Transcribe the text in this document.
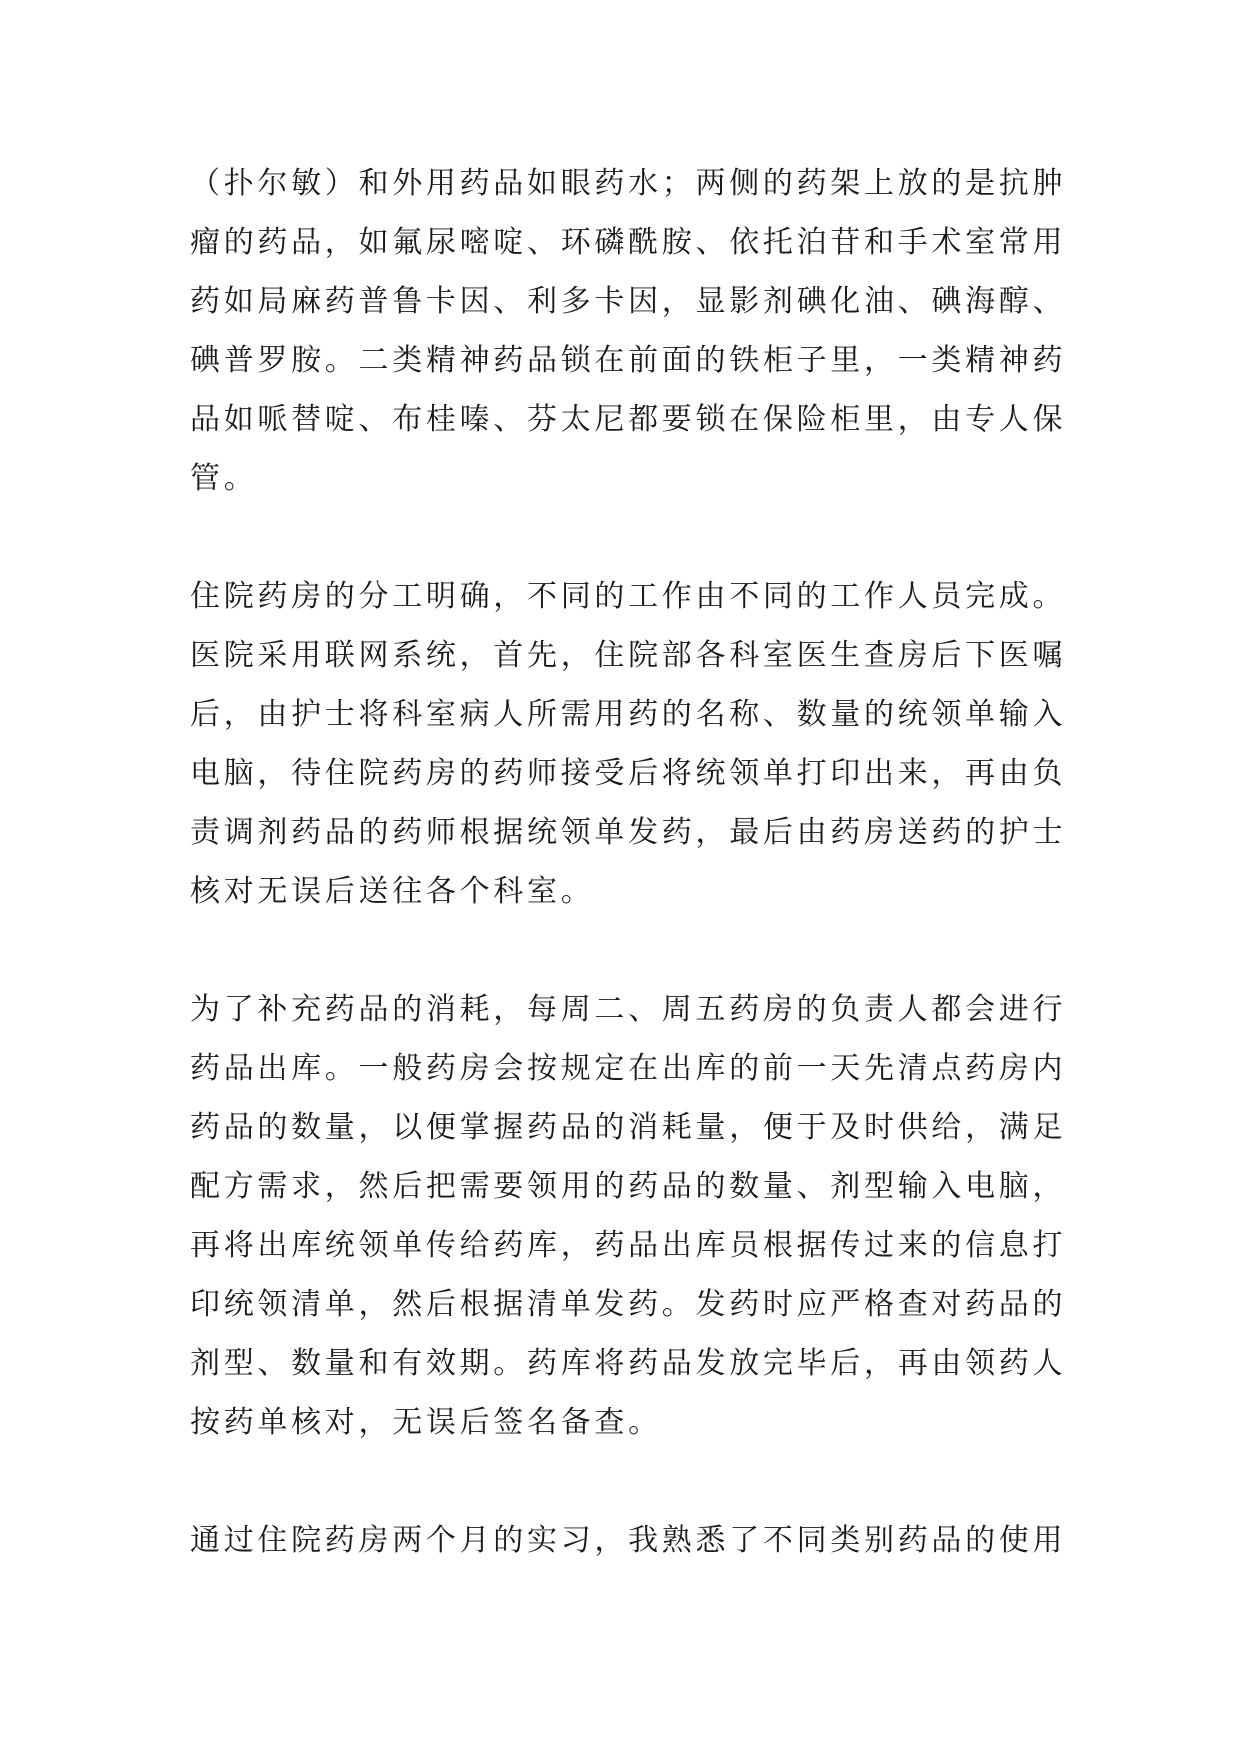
（扑尔敏）和外用药品如眼药水；两侧的药架上放的是抗肿
瘤的药品，如氟尿嘧啶、环磷酰胺、依托泊苷和手术室常用
药如局麻药普鲁卡因、利多卡因，显影剂碘化油、碘海醇、
碘普罗胺。二类精神药品锁在前面的铁柜子里，一类精神药
品如哌替啶、布桂嗪、芬太尼都要锁在保险柜里，由专人保
管。
住院药房的分工明确，不同的工作由不同的工作人员完成。
医院采用联网系统，首先，住院部各科室医生查房后下医嘱
后，由护士将科室病人所需用药的名称、数量的统领单输入
电脑，待住院药房的药师接受后将统领单打印出来，再由负
责调剂药品的药师根据统领单发药，最后由药房送药的护士
核对无误后送往各个科室。
为了补充药品的消耗，每周二、周五药房的负责人都会进行
药品出库。一般药房会按规定在出库的前一天先清点药房内
药品的数量，以便掌握药品的消耗量，便于及时供给，满足
配方需求，然后把需要领用的药品的数量、剂型输入电脑，
再将出库统领单传给药库，药品出库员根据传过来的信息打
印统领清单，然后根据清单发药。发药时应严格查对药品的
剂型、数量和有效期。药库将药品发放完毕后，再由领药人
按药单核对，无误后签名备查。
通过住院药房两个月的实习，我熟悉了不同类别药品的使用
